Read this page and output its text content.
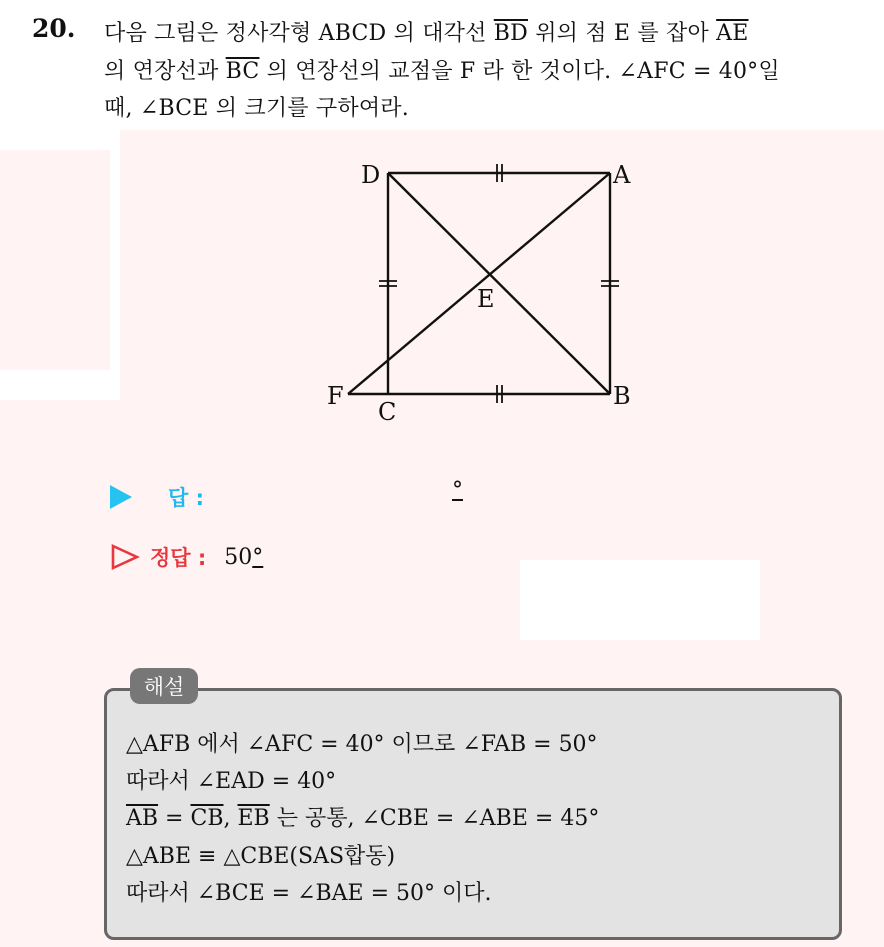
20. 다음 그림은 정사각형 ABCD 의 대각선 $\overline{BD}$ 위의 점 E 를 잡아 $\overline{AE}$
의 연장선과 $\overline{BC}$ 의 연장선의 교점을 F 라 한 것이다. ∠AFC = 40°일
때, ∠BCE 의 크기를 구하여라.
D	A
E
F
C
B
답 :	°
정답 : 50°
해설
△AFB 에서 ∠AFC = 40° 이므로 ∠FAB = 50°
따라서 ∠EAD = 40°
$\overline{AB} = \overline{CB}$, $\overline{EB}$ 는 공통, ∠CBE = ∠ABE = 45°
△ABE ≡ △CBE(SAS합동)
따라서 ∠BCE = ∠BAE = 50° 이다.
